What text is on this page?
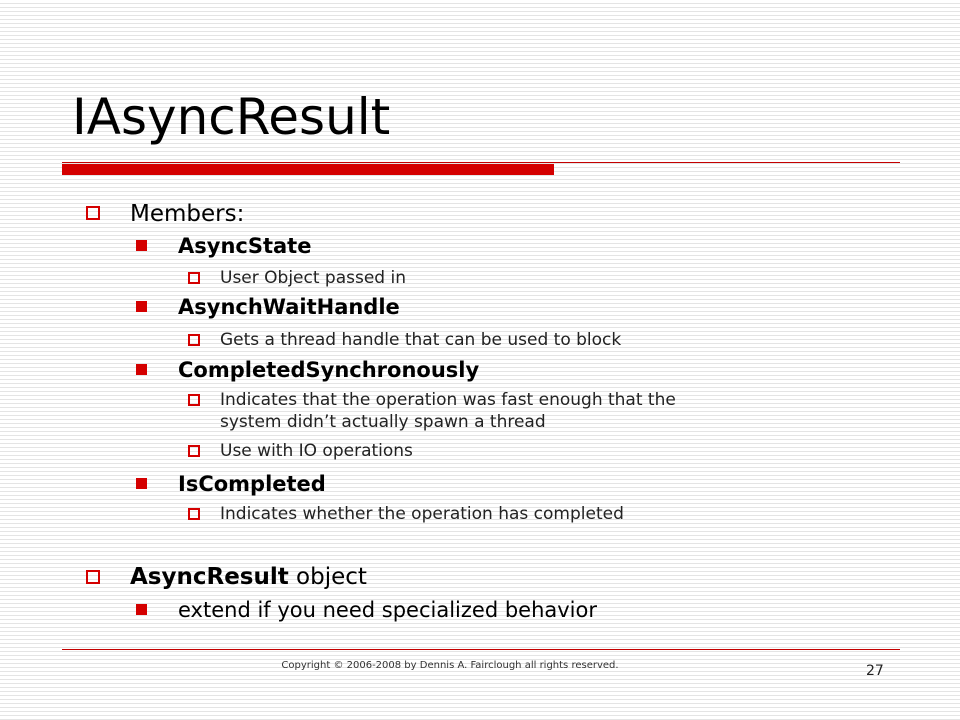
IAsyncResult
Members:
AsyncState
User Object passed in
AsynchWaitHandle
Gets a thread handle that can be used to block
CompletedSynchronously
Indicates that the operation was fast enough that the
system didn’t actually spawn a thread
Use with IO operations
IsCompleted
Indicates whether the operation has completed
AsyncResult object
extend if you need specialized behavior
Copyright © 2006-2008 by Dennis A. Fairclough all rights reserved.	27
